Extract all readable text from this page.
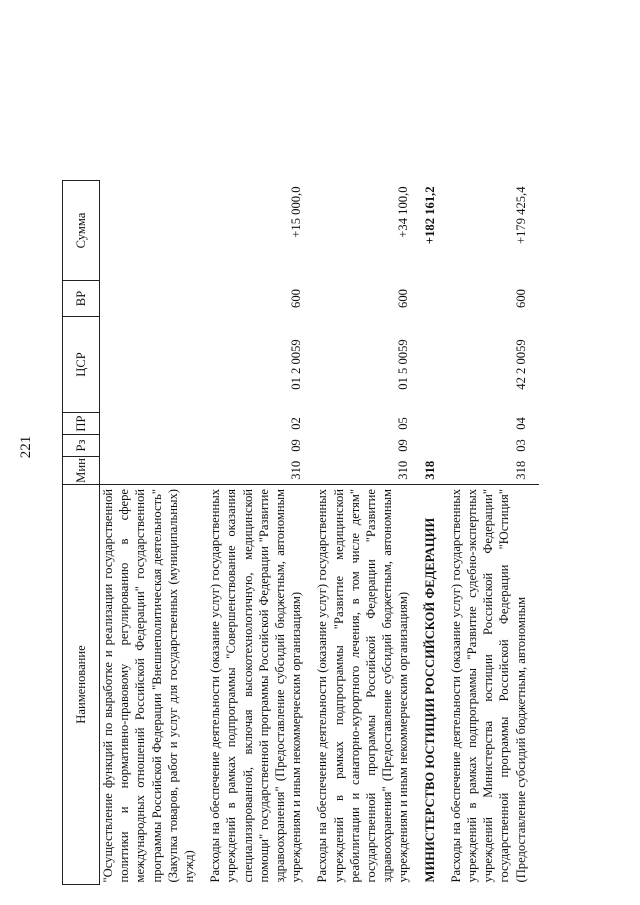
221
Наименование	Мин	Рз	ПР	ЦСР	ВР	Сумма
"Осуществление функций по выработке и реализации государственной политики и нормативно-правовому регулированию в сфере международных отношений Российской Федерации" государственной программы Российской Федерации "Внешнеполитическая деятельность" (Закупка товаров, работ и услуг для государственных (муниципальных) нужд)						
Расходы на обеспечение деятельности (оказание услуг) государственных учреждений в рамках подпрограммы "Совершенствование оказания специализированной, включая высокотехнологичную, медицинской помощи" государственной программы Российской Федерации "Развитие здравоохранения" (Предоставление субсидий бюджетным, автономным учреждениям и иным некоммерческим организациям)	310	09	02	01 2 0059	600	+15 000,0
Расходы на обеспечение деятельности (оказание услуг) государственных учреждений в рамках подпрограммы "Развитие медицинской реабилитации и санаторно-курортного лечения, в том числе детям" государственной программы Российской Федерации "Развитие здравоохранения" (Предоставление субсидий бюджетным, автономным учреждениям и иным некоммерческим организациям)	310	09	05	01 5 0059	600	+34 100,0
МИНИСТЕРСТВО ЮСТИЦИИ РОССИЙСКОЙ ФЕДЕРАЦИИ	318					+182 161,2
Расходы на обеспечение деятельности (оказание услуг) государственных учреждений в рамках подпрограммы "Развитие судебно-экспертных учреждений Министерства юстиции Российской Федерации" государственной программы Российской Федерации "Юстиция" (Предоставление субсидий бюджетным, автономным	318	03	04	42 2 0059	600	+179 425,4
